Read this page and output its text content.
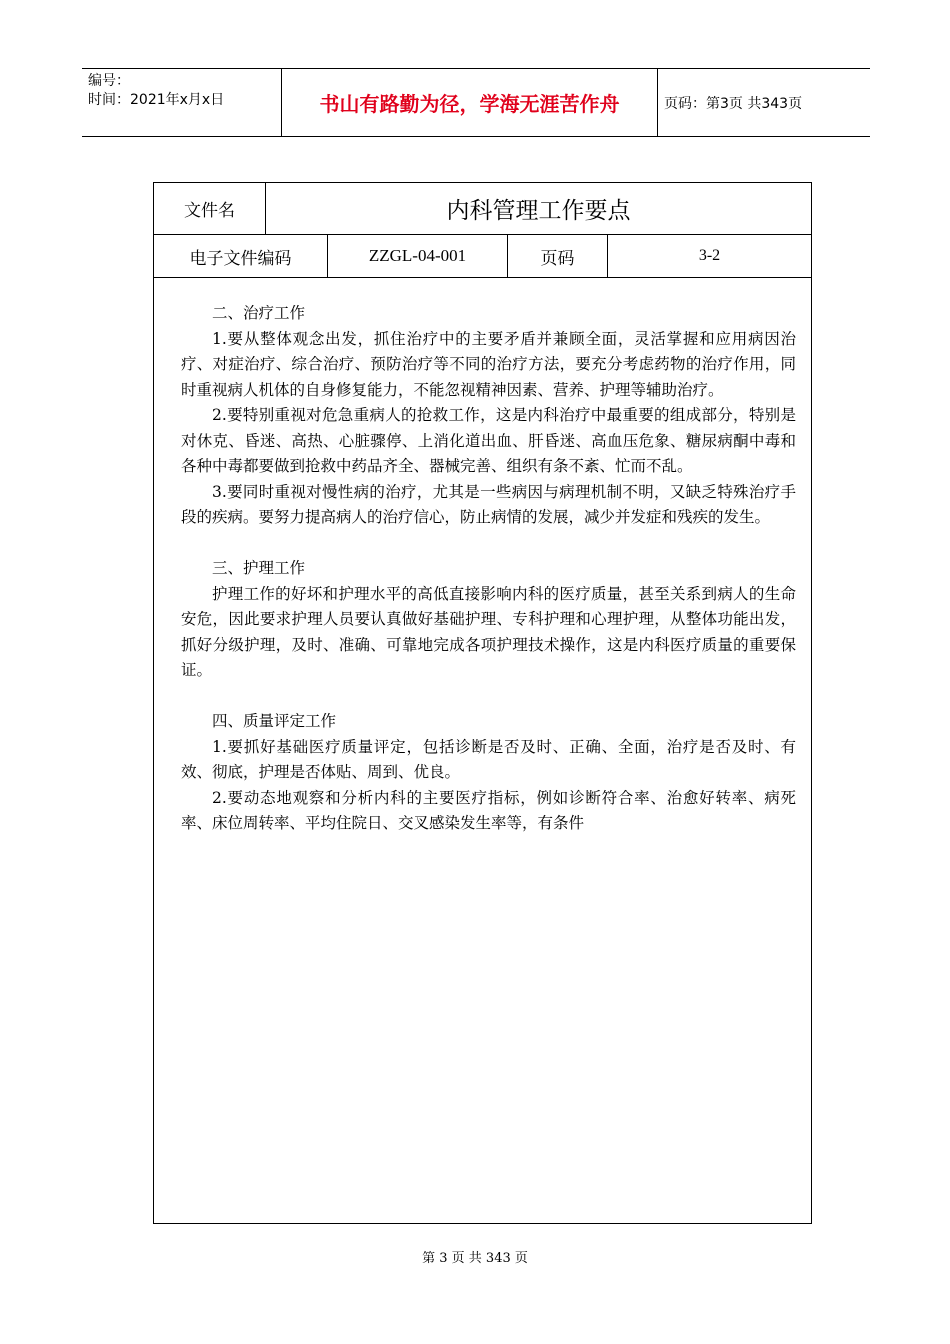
编号：
时间：2021年x月x日	书山有路勤为径，学海无涯苦作舟	页码：第3页 共343页
文件名	内科管理工作要点
电子文件编码	ZZGL-04-001	页码	3-2

二、治疗工作

1.要从整体观念出发，抓住治疗中的主要矛盾并兼顾全面，灵活掌握和应用病因治疗、对症治疗、综合治疗、预防治疗等不同的治疗方法，要充分考虑药物的治疗作用，同时重视病人机体的自身修复能力，不能忽视精神因素、营养、护理等辅助治疗。

2.要特别重视对危急重病人的抢救工作，这是内科治疗中最重要的组成部分，特别是对休克、昏迷、高热、心脏骤停、上消化道出血、肝昏迷、高血压危象、糖尿病酮中毒和各种中毒都要做到抢救中药品齐全、器械完善、组织有条不紊、忙而不乱。

3.要同时重视对慢性病的治疗，尤其是一些病因与病理机制不明，又缺乏特殊治疗手段的疾病。要努力提高病人的治疗信心，防止病情的发展，减少并发症和残疾的发生。

三、护理工作

护理工作的好坏和护理水平的高低直接影响内科的医疗质量，甚至关系到病人的生命安危，因此要求护理人员要认真做好基础护理、专科护理和心理护理，从整体功能出发，抓好分级护理，及时、准确、可靠地完成各项护理技术操作，这是内科医疗质量的重要保证。

四、质量评定工作

1.要抓好基础医疗质量评定，包括诊断是否及时、正确、全面，治疗是否及时、有效、彻底，护理是否体贴、周到、优良。

2.要动态地观察和分析内科的主要医疗指标，例如诊断符合率、治愈好转率、病死率、床位周转率、平均住院日、交叉感染发生率等，有条件

第 3 页 共 343 页
